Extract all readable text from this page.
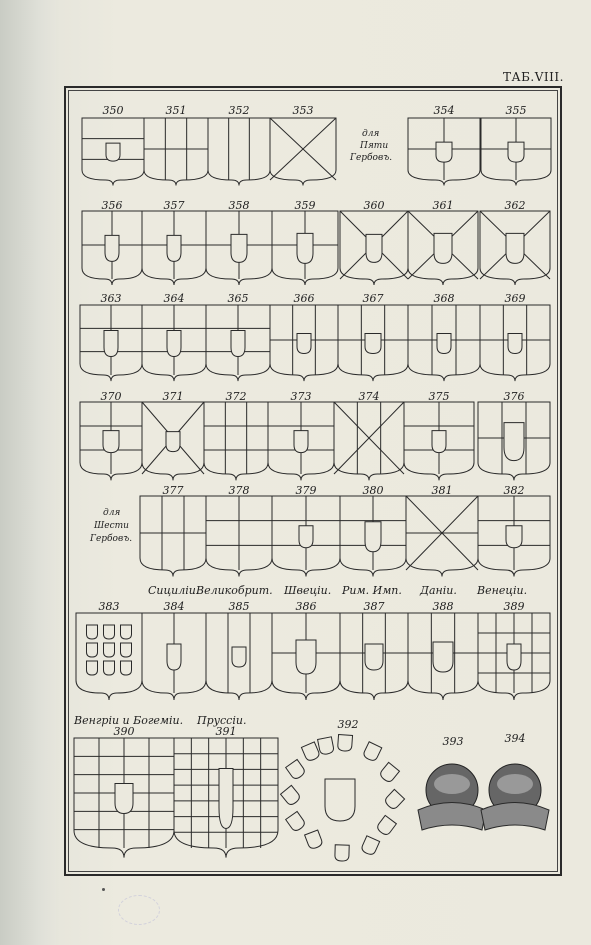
ТАБ.VIII.
для
Пяти
Гербовъ.
для
Шести
Гербовъ.
Сициліи.
Великобрит. Швеціи. Рим. Имп. Даніи. Венеціи.
Венгріи и Богеміи. Пруссіи.
350	351	352	353	354	355
356	357	358	359	360	361	362
363	364	365	366	367	368	369
370	371	372	373	374	375	376
377	378	379	380	381	382
383	384	385	386	387	388	389
390	391
392
393	394
